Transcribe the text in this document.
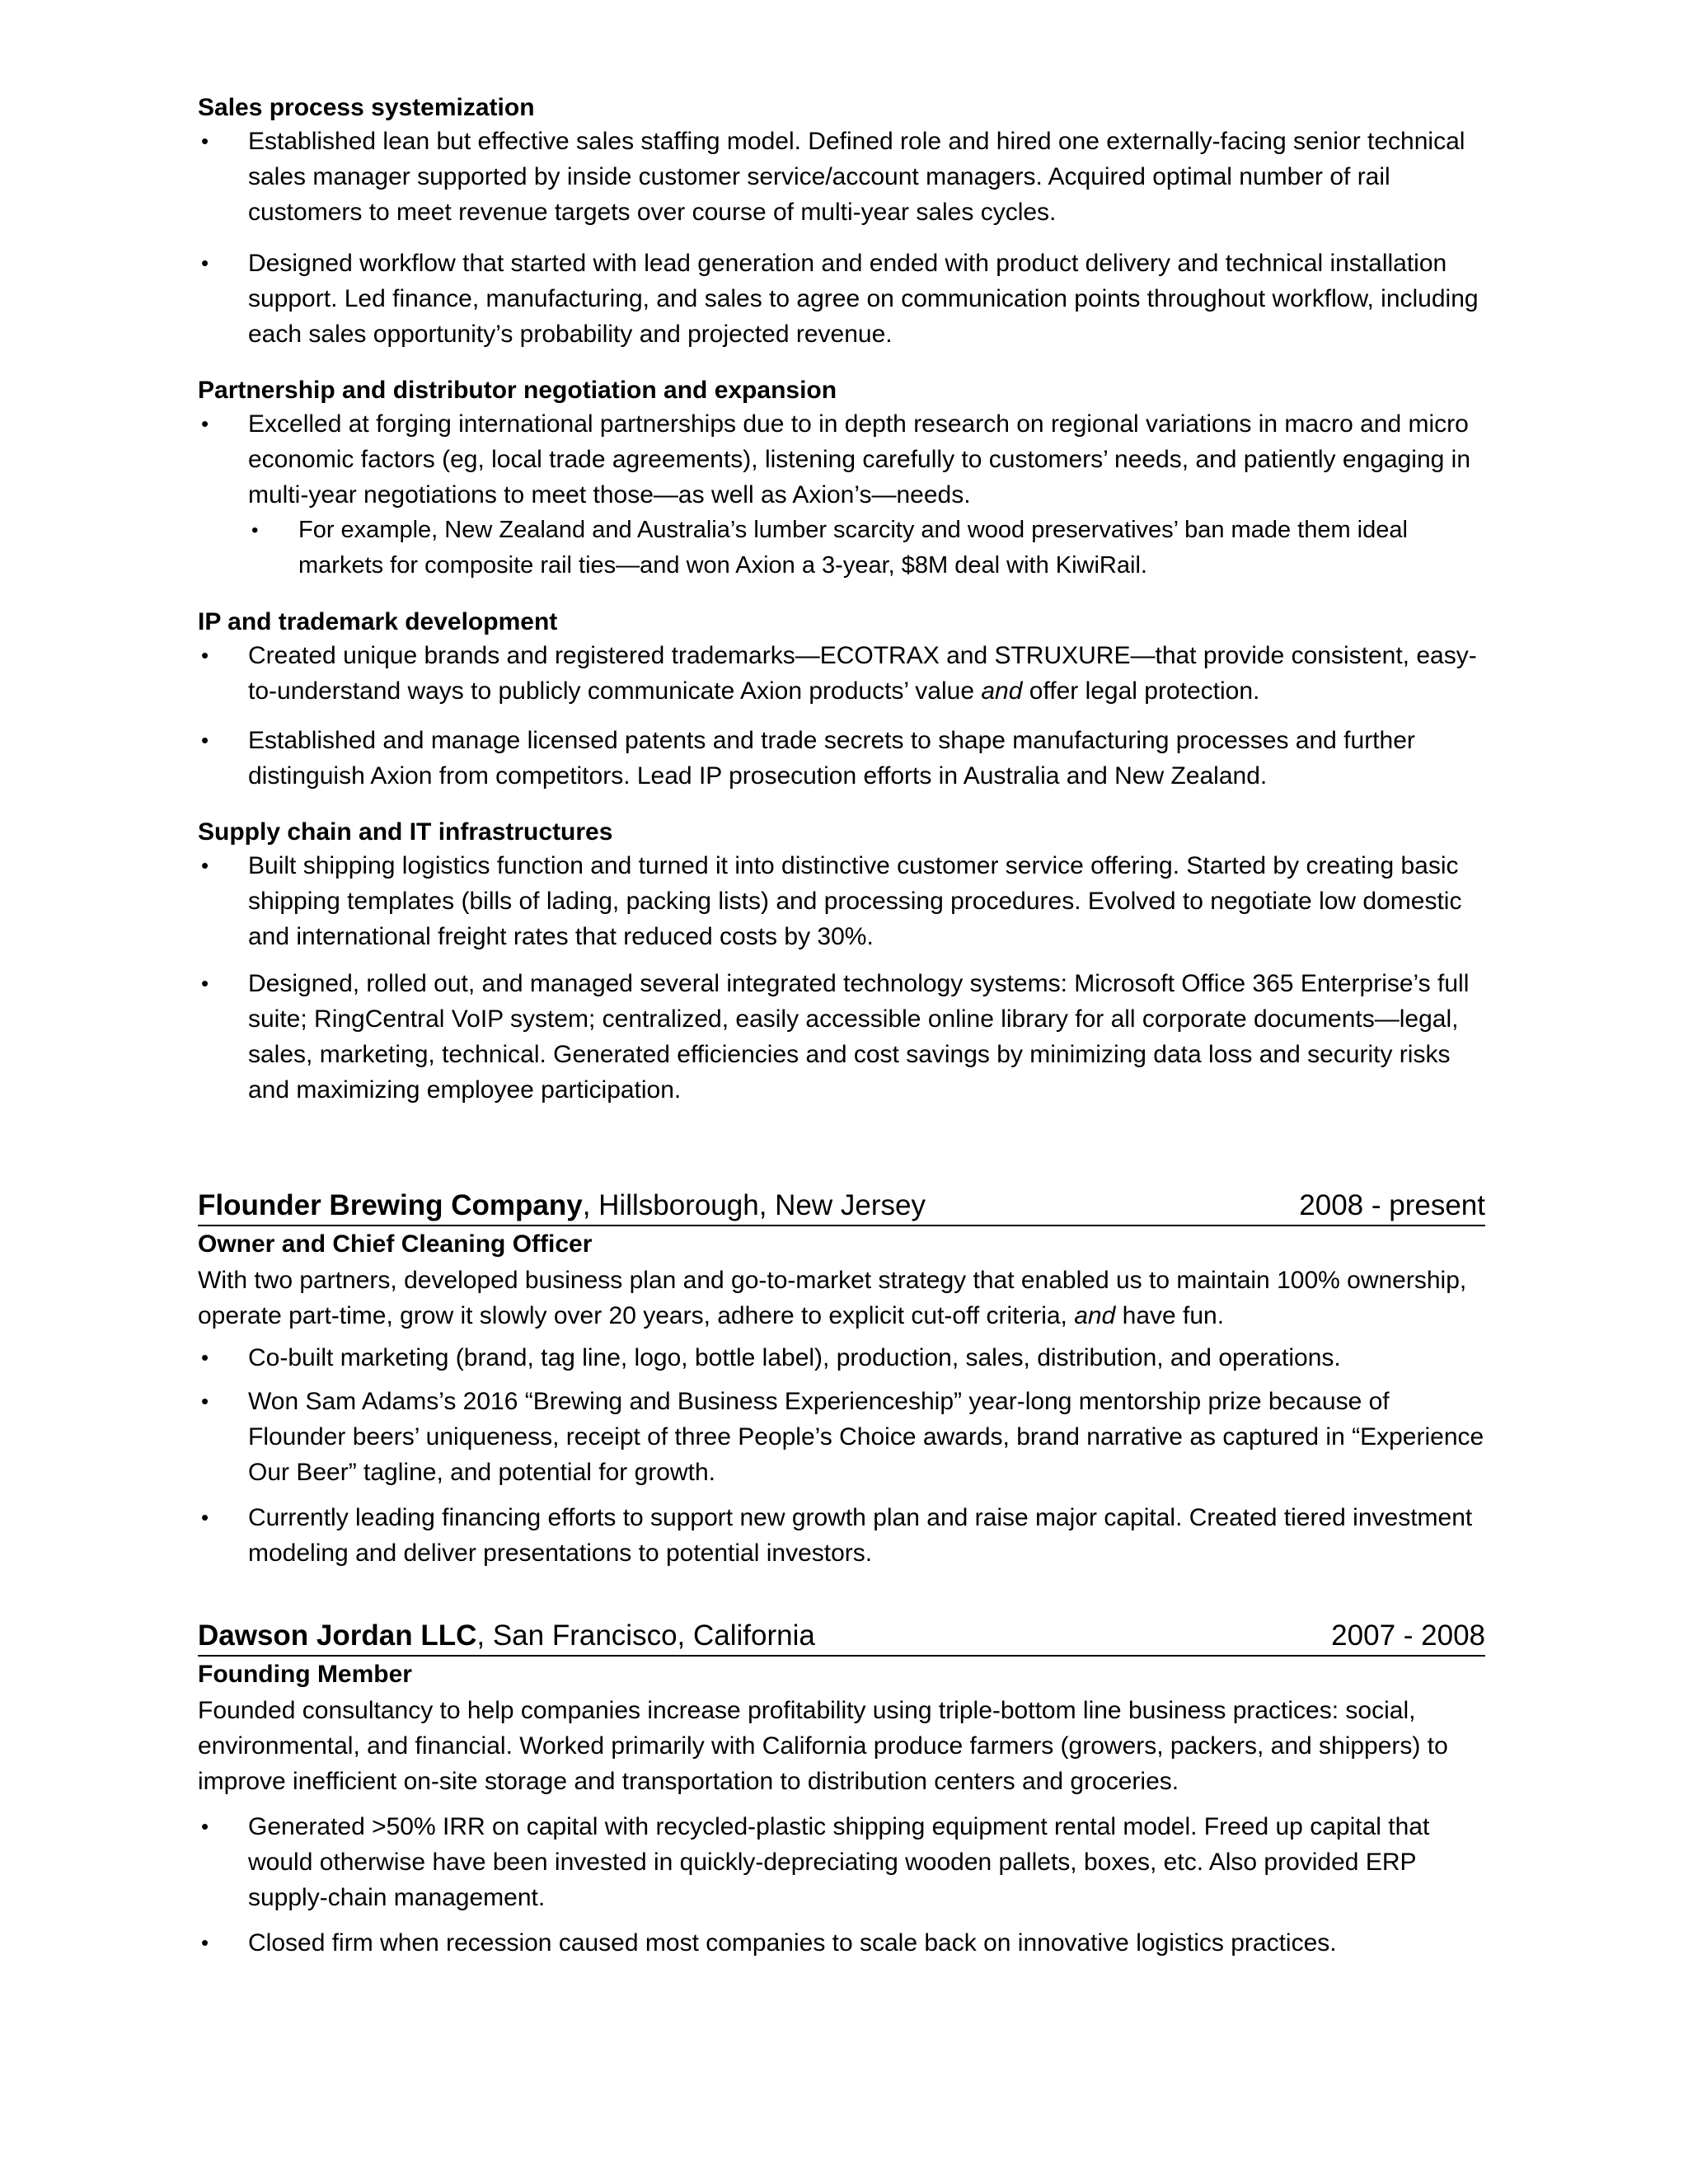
Sales process systemization

• Established lean but effective sales staffing model. Defined role and hired one externally-facing senior technical sales manager supported by inside customer service/account managers. Acquired optimal number of rail customers to meet revenue targets over course of multi-year sales cycles.
• Designed workflow that started with lead generation and ended with product delivery and technical installation support. Led finance, manufacturing, and sales to agree on communication points throughout workflow, including each sales opportunity’s probability and projected revenue.

Partnership and distributor negotiation and expansion

• Excelled at forging international partnerships due to in depth research on regional variations in macro and micro economic factors (eg, local trade agreements), listening carefully to customers’ needs, and patiently engaging in multi-year negotiations to meet those—as well as Axion’s—needs.
• For example, New Zealand and Australia’s lumber scarcity and wood preservatives’ ban made them ideal markets for composite rail ties—and won Axion a 3-year, $8M deal with KiwiRail.

IP and trademark development

• Created unique brands and registered trademarks—ECOTRAX and STRUXURE—that provide consistent, easy-to-understand ways to publicly communicate Axion products’ value and offer legal protection.
• Established and manage licensed patents and trade secrets to shape manufacturing processes and further distinguish Axion from competitors. Lead IP prosecution efforts in Australia and New Zealand.

Supply chain and IT infrastructures

• Built shipping logistics function and turned it into distinctive customer service offering. Started by creating basic shipping templates (bills of lading, packing lists) and processing procedures. Evolved to negotiate low domestic and international freight rates that reduced costs by 30%.
• Designed, rolled out, and managed several integrated technology systems: Microsoft Office 365 Enterprise’s full suite; RingCentral VoIP system; centralized, easily accessible online library for all corporate documents—legal, sales, marketing, technical. Generated efficiencies and cost savings by minimizing data loss and security risks and maximizing employee participation.
Flounder Brewing Company, Hillsborough, New Jersey	2008 - present

Owner and Chief Cleaning Officer

With two partners, developed business plan and go-to-market strategy that enabled us to maintain 100% ownership, operate part-time, grow it slowly over 20 years, adhere to explicit cut-off criteria, and have fun.

• Co-built marketing (brand, tag line, logo, bottle label), production, sales, distribution, and operations.
• Won Sam Adams’s 2016 “Brewing and Business Experienceship” year-long mentorship prize because of Flounder beers’ uniqueness, receipt of three People’s Choice awards, brand narrative as captured in “Experience Our Beer” tagline, and potential for growth.
• Currently leading financing efforts to support new growth plan and raise major capital. Created tiered investment modeling and deliver presentations to potential investors.
Dawson Jordan LLC, San Francisco, California	2007 - 2008

Founding Member

Founded consultancy to help companies increase profitability using triple-bottom line business practices: social, environmental, and financial. Worked primarily with California produce farmers (growers, packers, and shippers) to improve inefficient on-site storage and transportation to distribution centers and groceries.

• Generated >50% IRR on capital with recycled-plastic shipping equipment rental model. Freed up capital that would otherwise have been invested in quickly-depreciating wooden pallets, boxes, etc. Also provided ERP supply-chain management.
• Closed firm when recession caused most companies to scale back on innovative logistics practices.
